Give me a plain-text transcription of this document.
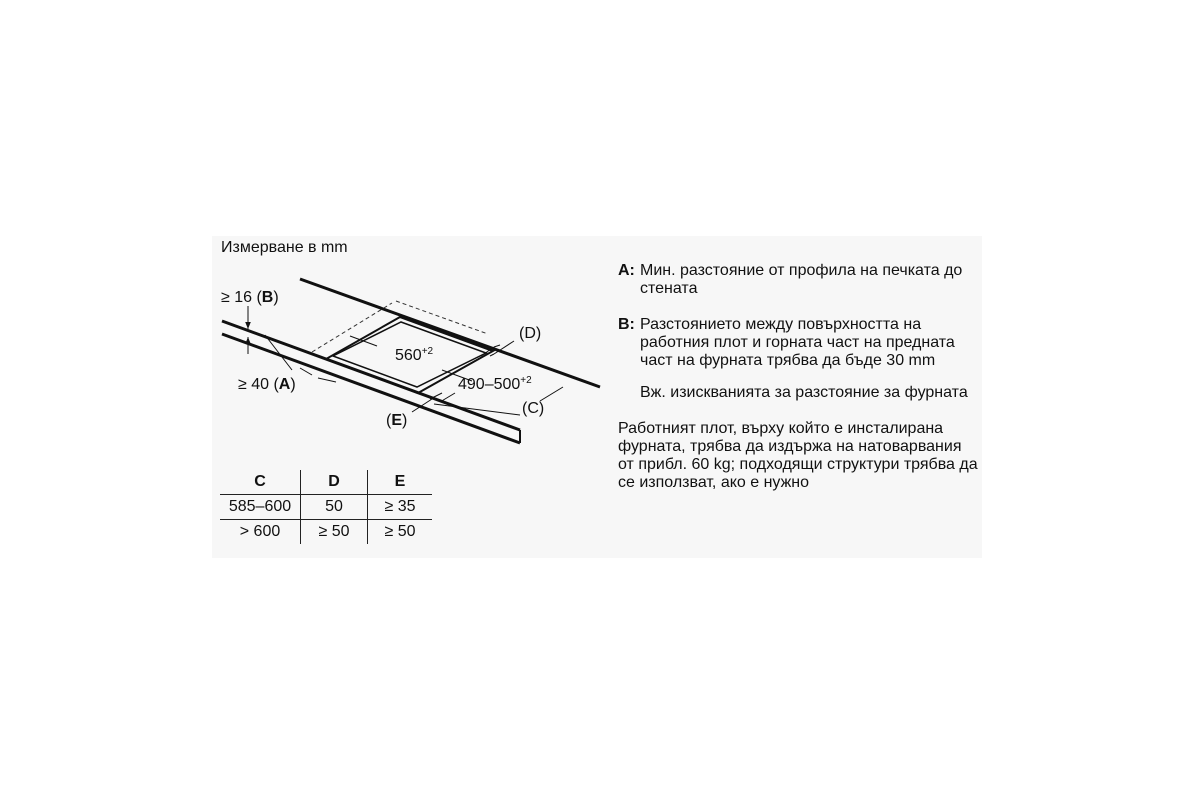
Измерване в mm
≥ 16 (B)
≥ 40 (A)
$560^{+2}$
$490-500^{+2}$
(D)
(C)
(E)
C	D	E
585–600	50	≥ 35
> 600	≥ 50	≥ 50
A: Мин. разстояние от профила на печката до стената
B: Разстоянието между повърхността на работния плот и горната част на предната част на фурната трябва да бъде 30 mm
Вж. изискванията за разстояние за фурната
Работният плот, върху който е инсталирана фурната, трябва да издържа на натоварвания от прибл. 60 kg; подходящи структури трябва да се използват, ако е нужно
